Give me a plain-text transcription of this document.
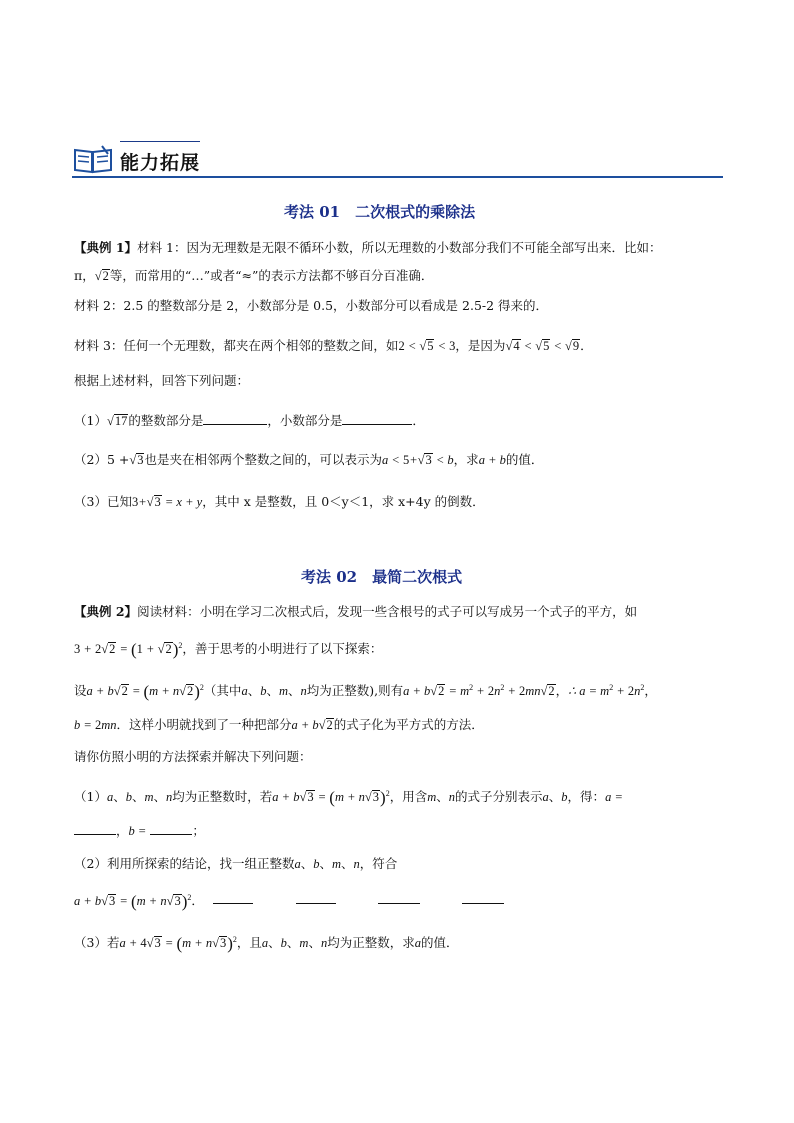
能力拓展
考法 01　二次根式的乘除法
【典例 1】材料 1：因为无理数是无限不循环小数，所以无理数的小数部分我们不可能全部写出来．比如：
π，√2等，而常用的“…”或者“≈”的表示方法都不够百分百准确．
材料 2：2.5 的整数部分是 2，小数部分是 0.5，小数部分可以看成是 2.5-2 得来的．
材料 3：任何一个无理数，都夹在两个相邻的整数之间，如2 < √5 < 3，是因为√4 < √5 < √9．
根据上述材料，回答下列问题：
（1）√17的整数部分是	，小数部分是	．
（2）5 +√3也是夹在相邻两个整数之间的，可以表示为a < 5+√3 < b，求a + b的值．
（3）已知3+√3 = x + y，其中 x 是整数，且 0＜y＜1，求 x+4y 的倒数．
考法 02　最简二次根式
【典例 2】阅读材料：小明在学习二次根式后，发现一些含根号的式子可以写成另一个式子的平方，如
$3 + 2√2 = (1 + √2)^2$，善于思考的小明进行了以下探索：
设$a + b√2 = (m + n√2)^2$（其中a、b、m、n均为正整数),则有$a + b√2 = m^2 + 2n^2 + 2mn√2$，∴ $a = m^2 + 2n^2$，
b = 2mn．这样小明就找到了一种把部分a + b√2的式子化为平方式的方法．
请你仿照小明的方法探索并解决下列问题：
（1）a、b、m、n均为正整数时，若$a + b√3 = (m + n√3)^2$，用含m、n的式子分别表示a、b，得：a =
，b =	；
（2）利用所探索的结论，找一组正整数a、b、m、n，符合
$a + b√3 = (m + n√3)^2$．
（3）若$a + 4√3 = (m + n√3)^2$，且a、b、m、n均为正整数，求a的值．
